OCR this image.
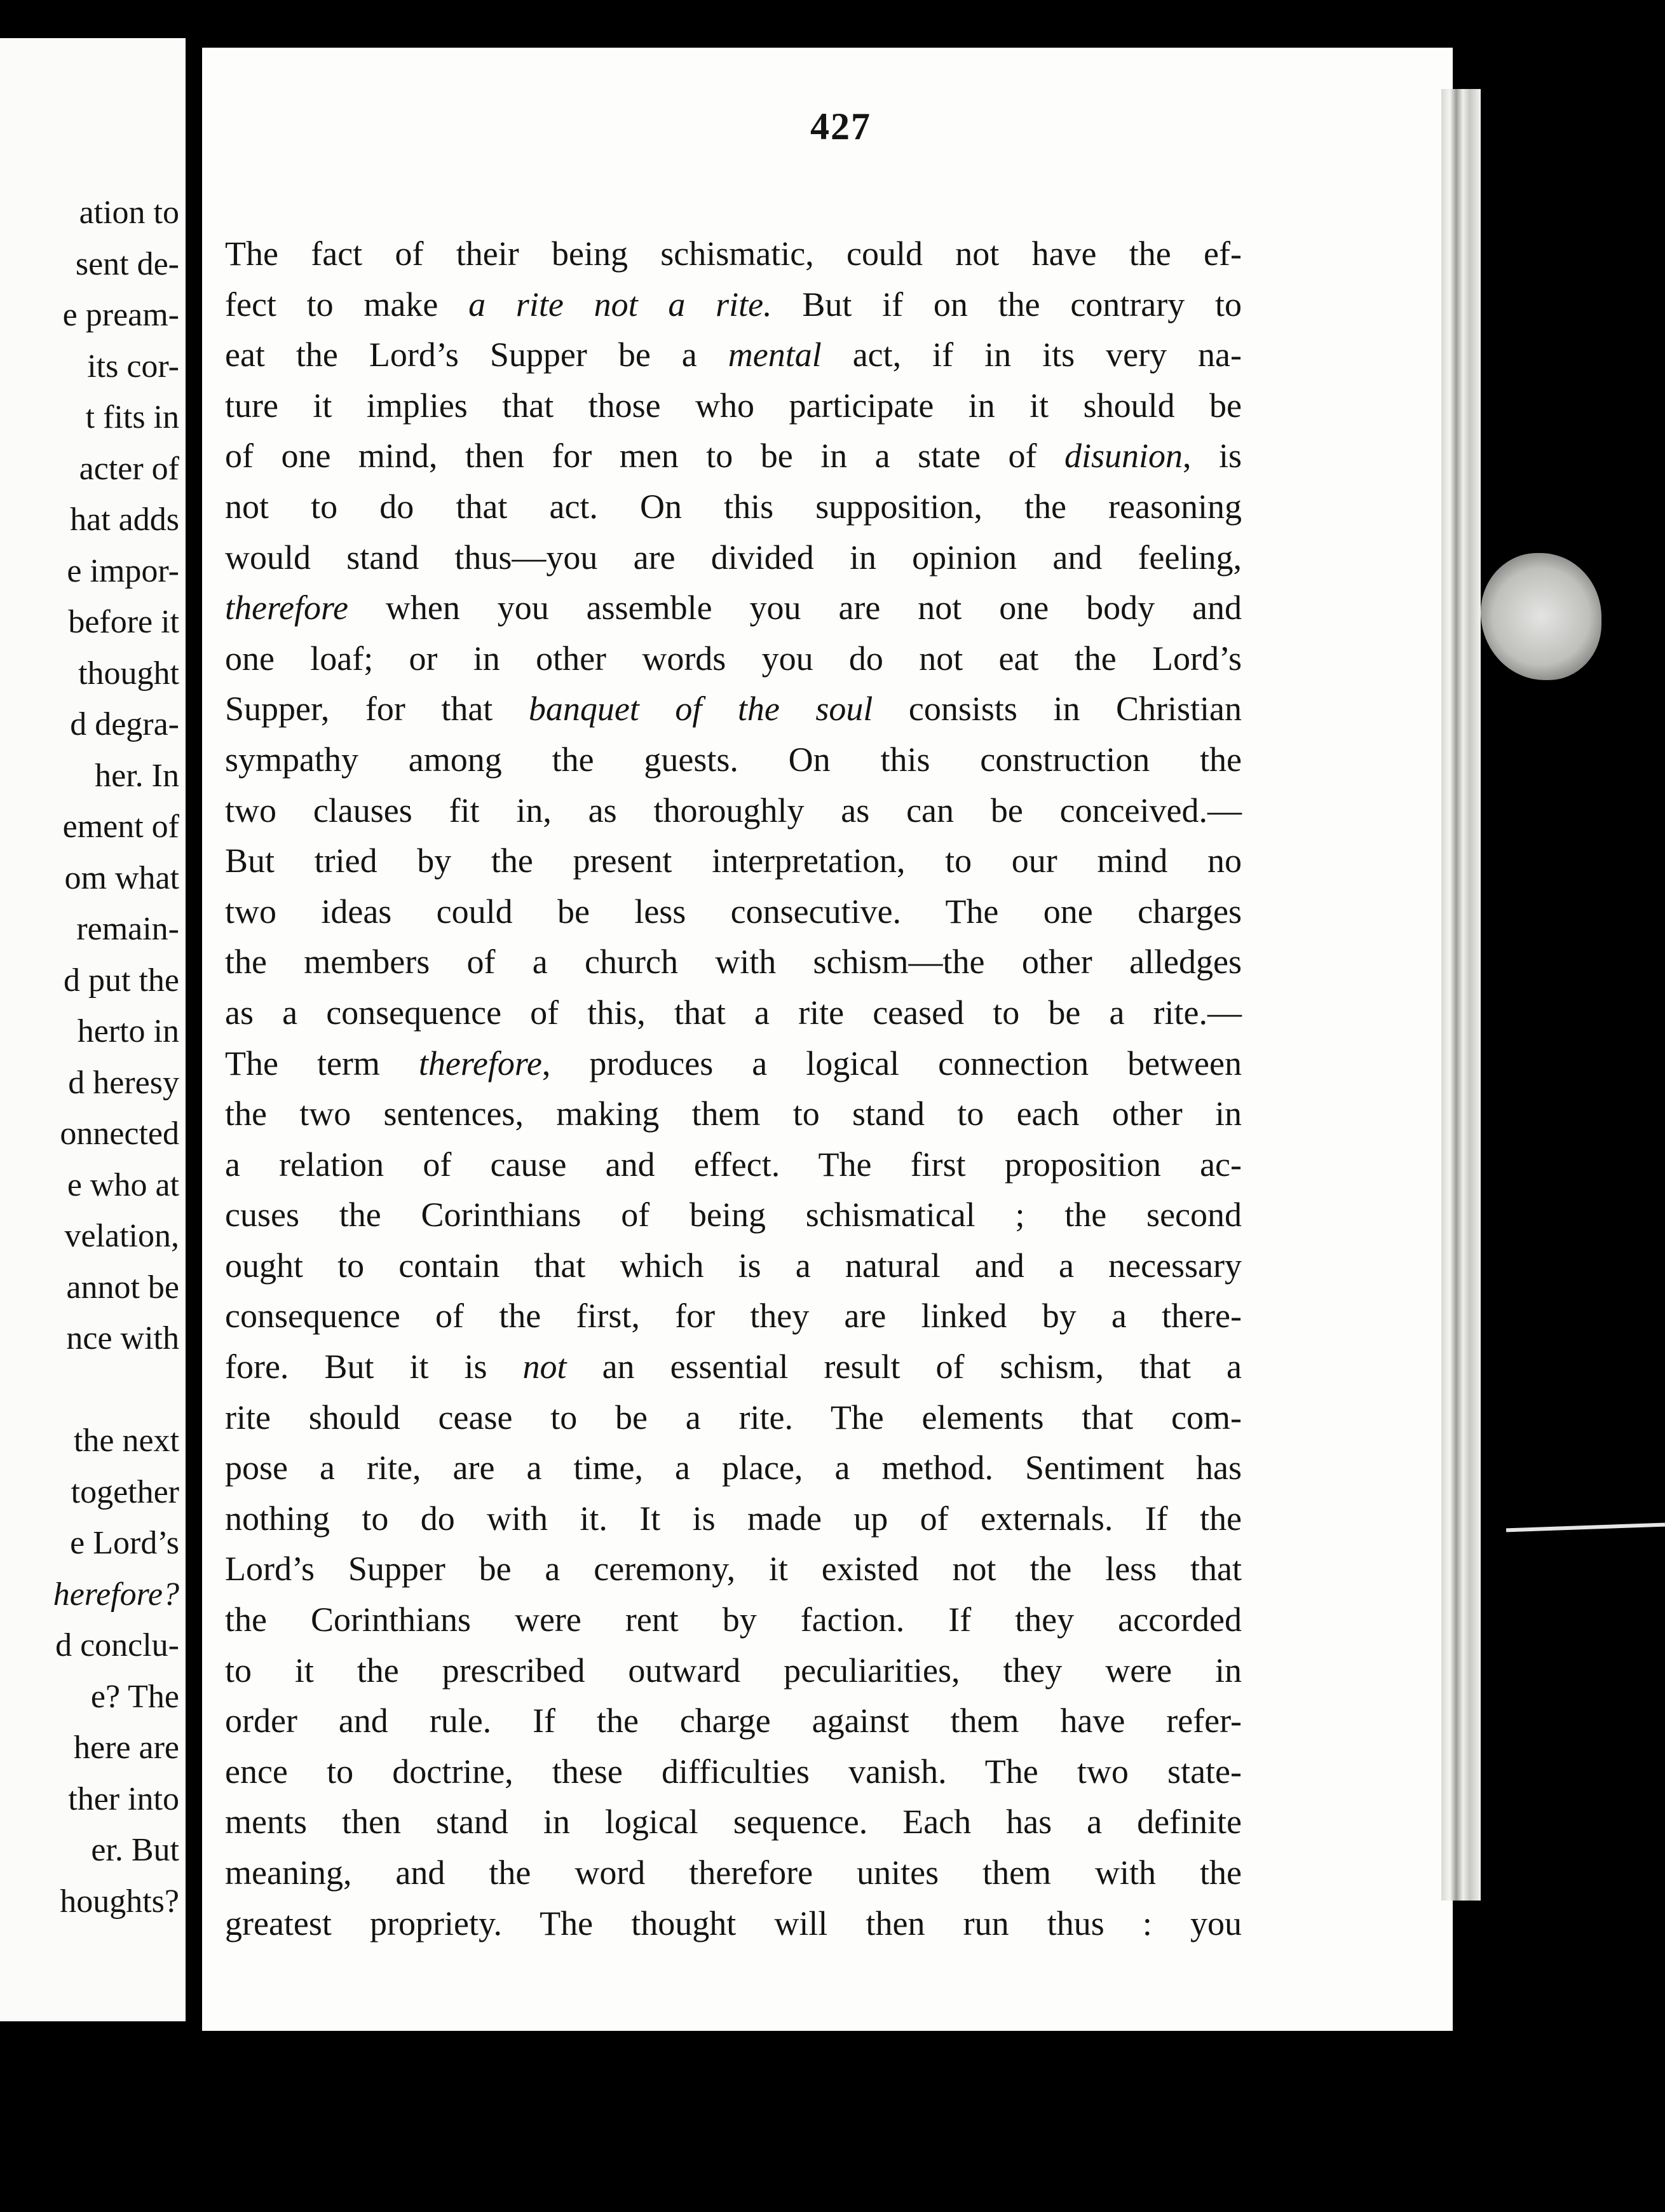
ation to
sent de-
e pream-
its cor-
t fits in
acter of
hat adds
e impor-
before it
thought
d degra-
her. In
ement of
om what
remain-
d put the
herto in
d heresy
onnected
e who at
velation,
annot be
nce with
the next
together
e Lord’s
herefore?
d conclu-
e? The
here are
ther into
er. But
houghts?
427
The fact of their being schismatic, could not have the ef-
fect to make a rite not a rite. But if on the contrary to
eat the Lord’s Supper be a mental act, if in its very na-
ture it implies that those who participate in it should be
of one mind, then for men to be in a state of disunion, is
not to do that act. On this supposition, the reasoning
would stand thus—you are divided in opinion and feeling,
therefore when you assemble you are not one body and
one loaf; or in other words you do not eat the Lord’s
Supper, for that banquet of the soul consists in Christian
sympathy among the guests. On this construction the
two clauses fit in, as thoroughly as can be conceived.—
But tried by the present interpretation, to our mind no
two ideas could be less consecutive. The one charges
the members of a church with schism—the other alledges
as a consequence of this, that a rite ceased to be a rite.—
The term therefore, produces a logical connection between
the two sentences, making them to stand to each other in
a relation of cause and effect. The first proposition ac-
cuses the Corinthians of being schismatical ; the second
ought to contain that which is a natural and a necessary
consequence of the first, for they are linked by a there-
fore. But it is not an essential result of schism, that a
rite should cease to be a rite. The elements that com-
pose a rite, are a time, a place, a method. Sentiment has
nothing to do with it. It is made up of externals. If the
Lord’s Supper be a ceremony, it existed not the less that
the Corinthians were rent by faction. If they accorded
to it the prescribed outward peculiarities, they were in
order and rule. If the charge against them have refer-
ence to doctrine, these difficulties vanish. The two state-
ments then stand in logical sequence. Each has a definite
meaning, and the word therefore unites them with the
greatest propriety. The thought will then run thus : you
